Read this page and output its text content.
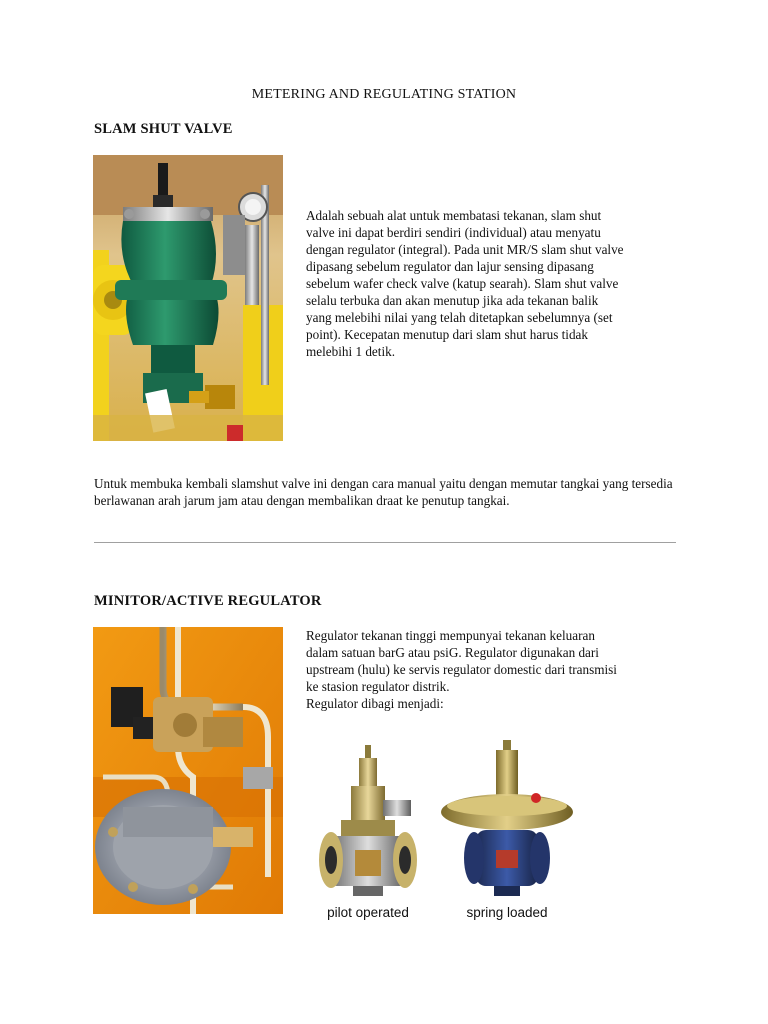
METERING AND REGULATING STATION
SLAM SHUT VALVE

Adalah sebuah alat untuk membatasi tekanan, slam shut valve ini dapat berdiri sendiri (individual) atau menyatu dengan regulator (integral). Pada unit MR/S slam shut valve dipasang sebelum regulator dan lajur sensing dipasang sebelum wafer check valve (katup searah). Slam shut valve selalu terbuka dan akan menutup jika ada tekanan balik yang melebihi nilai yang telah ditetapkan sebelumnya (set point). Kecepatan menutup dari slam shut harus tidak melebihi 1 detik.

Untuk membuka kembali slamshut valve ini dengan cara manual yaitu dengan memutar tangkai yang tersedia berlawanan arah jarum jam atau dengan membalikan draat ke penutup tangkai.

MINITOR/ACTIVE REGULATOR

Regulator tekanan tinggi mempunyai tekanan keluaran dalam satuan barG atau psiG. Regulator digunakan dari upstream (hulu) ke servis regulator domestic dari transmisi ke stasion regulator distrik.

Regulator dibagi menjadi:

pilot operated	spring loaded
